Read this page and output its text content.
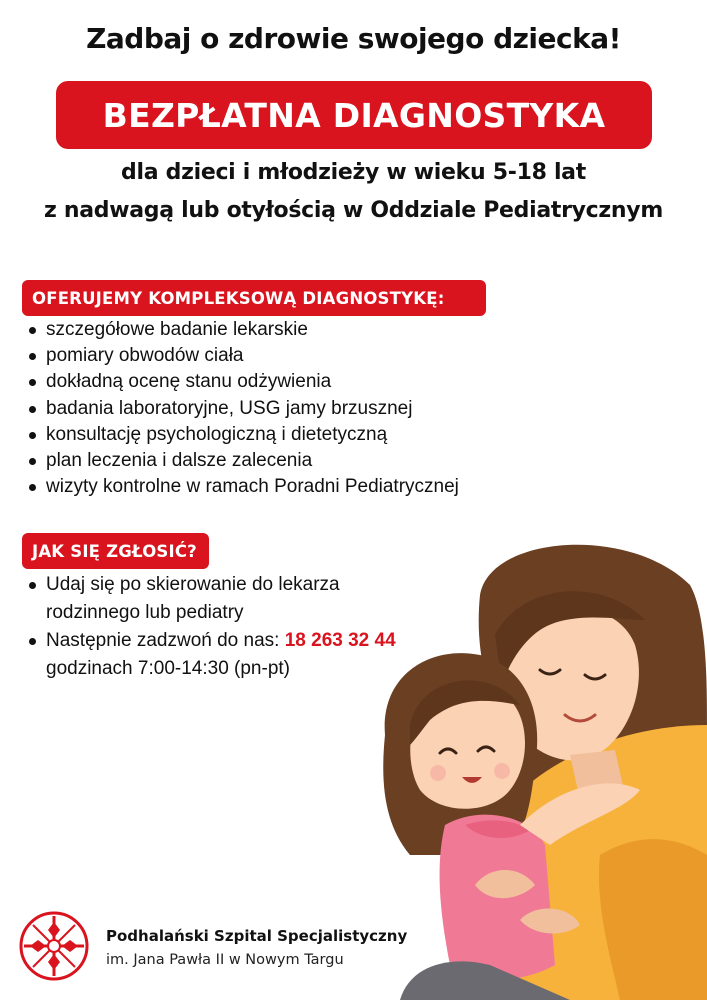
Zadbaj o zdrowie swojego dziecka!
BEZPŁATNA DIAGNOSTYKA
dla dzieci i młodzieży w wieku 5-18 lat
z nadwagą lub otyłością w Oddziale Pediatrycznym
OFERUJEMY KOMPLEKSOWĄ DIAGNOSTYKĘ:
szczegółowe badanie lekarskie
pomiary obwodów ciała
dokładną ocenę stanu odżywienia
badania laboratoryjne, USG jamy brzusznej
konsultację psychologiczną i dietetyczną
plan leczenia i dalsze zalecenia
wizyty kontrolne w ramach Poradni Pediatrycznej
JAK SIĘ ZGŁOSIĆ?
Udaj się po skierowanie do lekarza rodzinnego lub pediatry
Następnie zadzwoń do nas: 18 263 32 44
godzinach 7:00-14:30 (pn-pt)
Podhalański Szpital Specjalistyczny
im. Jana Pawła II w Nowym Targu
